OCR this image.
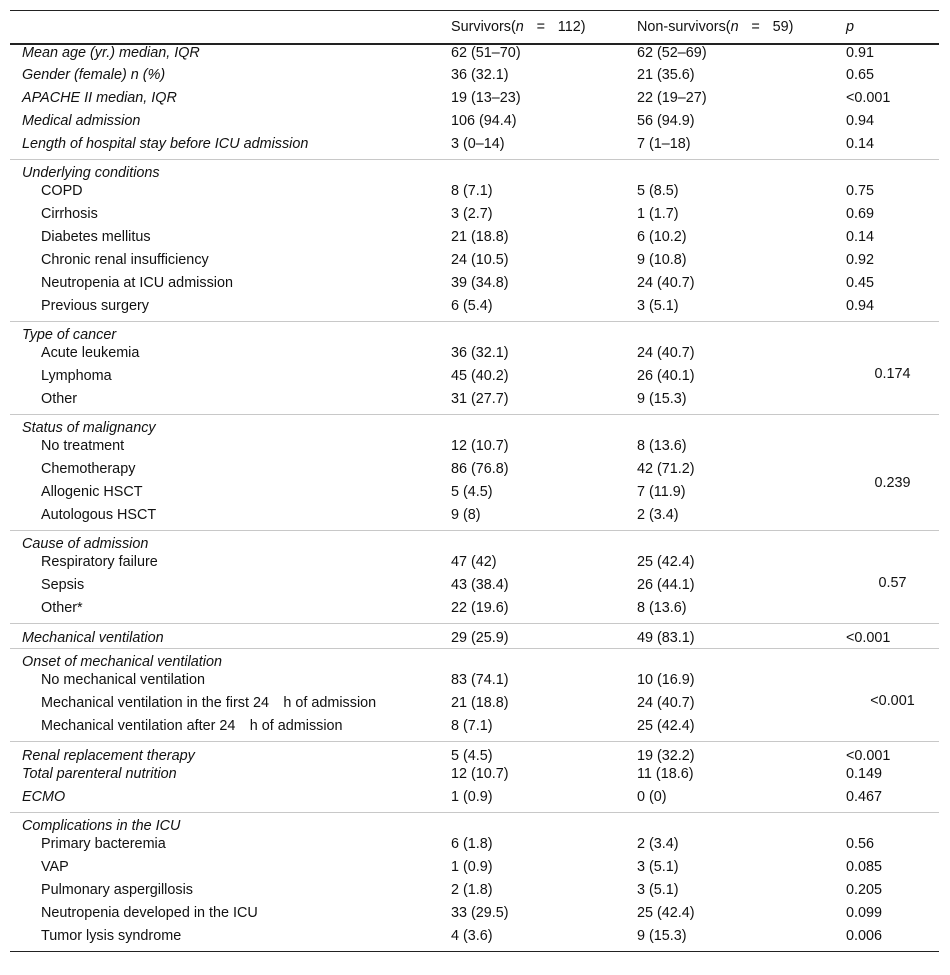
	Survivors(n = 112)	Non-survivors(n = 59)	p
Mean age (yr.) median, IQR	62 (51–70)	62 (52–69)	0.91
Gender (female) n (%)	36 (32.1)	21 (35.6)	0.65
APACHE II median, IQR	19 (13–23)	22 (19–27)	<0.001
Medical admission	106 (94.4)	56 (94.9)	0.94
Length of hospital stay before ICU admission	3 (0–14)	7 (1–18)	0.14
Underlying conditions			
COPD	8 (7.1)	5 (8.5)	0.75
Cirrhosis	3 (2.7)	1 (1.7)	0.69
Diabetes mellitus	21 (18.8)	6 (10.2)	0.14
Chronic renal insufficiency	24 (10.5)	9 (10.8)	0.92
Neutropenia at ICU admission	39 (34.8)	24 (40.7)	0.45
Previous surgery	6 (5.4)	3 (5.1)	0.94
Type of cancer			0.174
Acute leukemia	36 (32.1)	24 (40.7)	
Lymphoma	45 (40.2)	26 (40.1)	
Other	31 (27.7)	9 (15.3)	
Status of malignancy			0.239
No treatment	12 (10.7)	8 (13.6)	
Chemotherapy	86 (76.8)	42 (71.2)	
Allogenic HSCT	5 (4.5)	7 (11.9)	
Autologous HSCT	9 (8)	2 (3.4)	
Cause of admission			0.57
Respiratory failure	47 (42)	25 (42.4)	
Sepsis	43 (38.4)	26 (44.1)	
Other*	22 (19.6)	8 (13.6)	
Mechanical ventilation	29 (25.9)	49 (83.1)	<0.001
Onset of mechanical ventilation			<0.001
No mechanical ventilation	83 (74.1)	10 (16.9)	
Mechanical ventilation in the first 24 h of admission	21 (18.8)	24 (40.7)	
Mechanical ventilation after 24 h of admission	8 (7.1)	25 (42.4)	
Renal replacement therapy	5 (4.5)	19 (32.2)	<0.001
Total parenteral nutrition	12 (10.7)	11 (18.6)	0.149
ECMO	1 (0.9)	0 (0)	0.467
Complications in the ICU			
Primary bacteremia	6 (1.8)	2 (3.4)	0.56
VAP	1 (0.9)	3 (5.1)	0.085
Pulmonary aspergillosis	2 (1.8)	3 (5.1)	0.205
Neutropenia developed in the ICU	33 (29.5)	25 (42.4)	0.099
Tumor lysis syndrome	4 (3.6)	9 (15.3)	0.006
